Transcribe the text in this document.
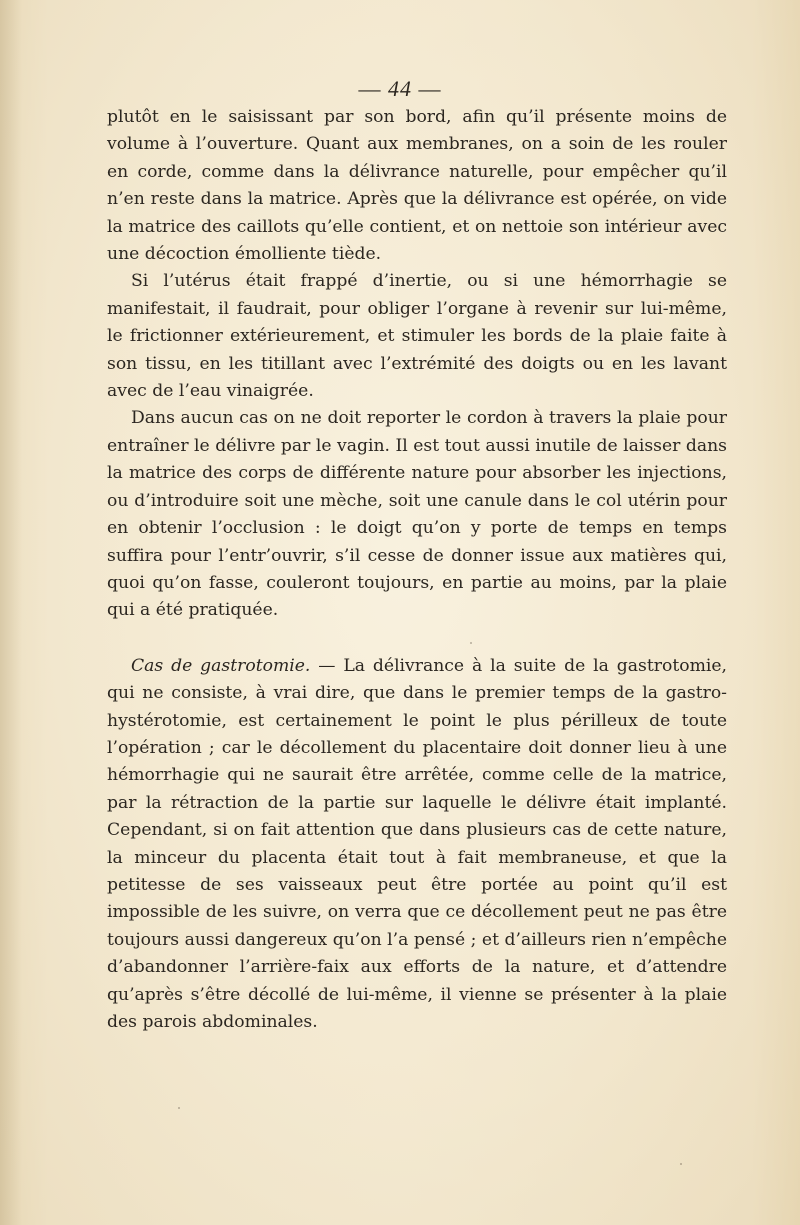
— 44 —

plutôt en le saisissant par son bord, afin qu’il présente moins de volume à l’ouverture. Quant aux membranes, on a soin de les rouler en corde, comme dans la délivrance naturelle, pour empêcher qu’il n’en reste dans la matrice. Après que la délivrance est opérée, on vide la matrice des caillots qu’elle contient, et on nettoie son intérieur avec une décoction émolliente tiède.

Si l’utérus était frappé d’inertie, ou si une hémorrhagie se manifestait, il faudrait, pour obliger l’organe à revenir sur lui-même, le frictionner extérieurement, et stimuler les bords de la plaie faite à son tissu, en les titillant avec l’extrémité des doigts ou en les lavant avec de l’eau vinaigrée.

Dans aucun cas on ne doit reporter le cordon à travers la plaie pour entraîner le délivre par le vagin. Il est tout aussi inutile de laisser dans la matrice des corps de différente nature pour absorber les injections, ou d’introduire soit une mèche, soit une canule dans le col utérin pour en obtenir l’occlusion : le doigt qu’on y porte de temps en temps suffira pour l’entr’ouvrir, s’il cesse de donner issue aux matières qui, quoi qu’on fasse, couleront toujours, en partie au moins, par la plaie qui a été pratiquée.

Cas de gastrotomie. — La délivrance à la suite de la gastrotomie, qui ne consiste, à vrai dire, que dans le premier temps de la gastro-hystérotomie, est certainement le point le plus périlleux de toute l’opération ; car le décollement du placentaire doit donner lieu à une hémorrhagie qui ne saurait être arrêtée, comme celle de la matrice, par la rétraction de la partie sur laquelle le délivre était implanté. Cependant, si on fait attention que dans plusieurs cas de cette nature, la minceur du placenta était tout à fait membraneuse, et que la petitesse de ses vaisseaux peut être portée au point qu’il est impossible de les suivre, on verra que ce décollement peut ne pas être toujours aussi dangereux qu’on l’a pensé ; et d’ailleurs rien n’empêche d’abandonner l’arrière-faix aux efforts de la nature, et d’attendre qu’après s’être décollé de lui-même, il vienne se présenter à la plaie des parois abdominales.
